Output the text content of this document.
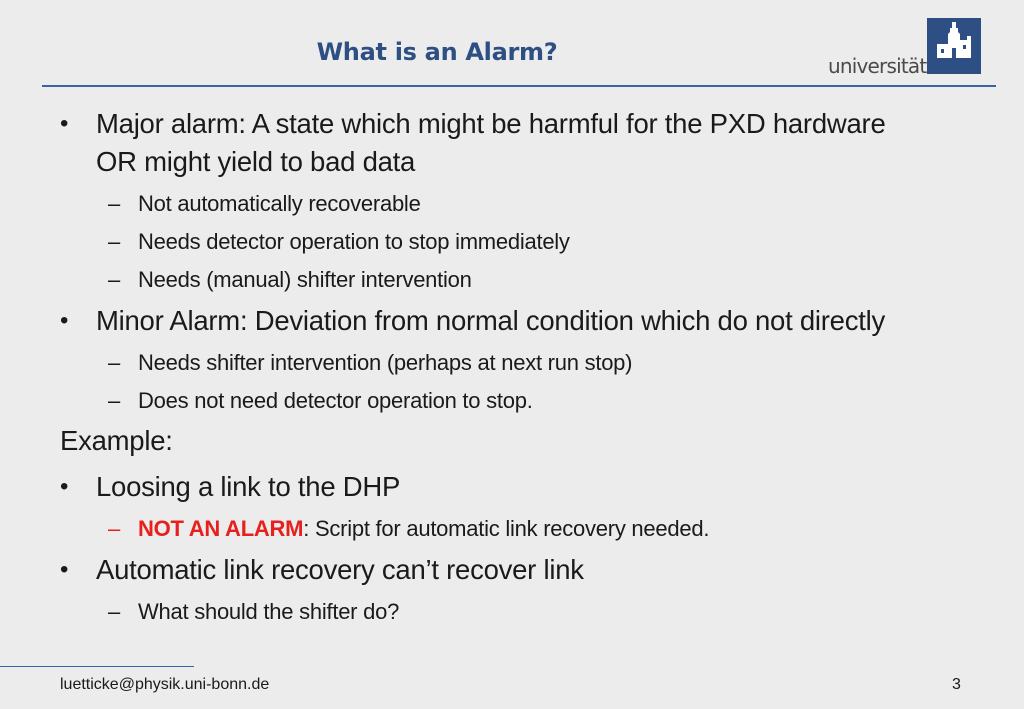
What is an Alarm?	universität
• Major alarm: A state which might be harmful for the PXD hardware
OR might yield to bad data
– Not automatically recoverable
– Needs detector operation to stop immediately
– Needs (manual) shifter intervention
• Minor Alarm: Deviation from normal condition which do not directly
– Needs shifter intervention (perhaps at next run stop)
– Does not need detector operation to stop.
Example:
• Loosing a link to the DHP
– NOT AN ALARM: Script for automatic link recovery needed.
• Automatic link recovery can’t recover link
– What should the shifter do?
luetticke@physik.uni-bonn.de	3
